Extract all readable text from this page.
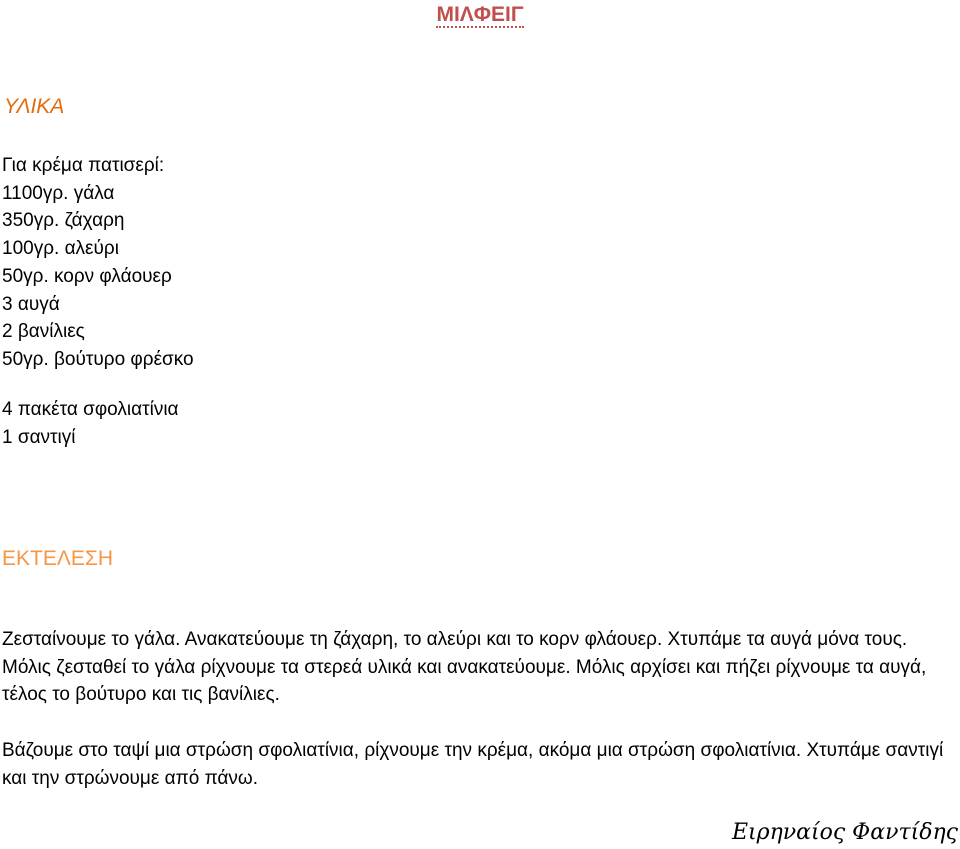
ΜΙΛΦΕΙΓ
ΥΛΙΚΑ
Για κρέμα πατισερί:
1100γρ. γάλα
350γρ. ζάχαρη
100γρ. αλεύρι
50γρ. κορν φλάουερ
3 αυγά
2 βανίλιες
50γρ. βούτυρο φρέσκο
4 πακέτα σφολιατίνια
1 σαντιγί
ΕΚΤΕΛΕΣΗ

Ζεσταίνουμε το γάλα. Ανακατεύουμε τη ζάχαρη, το αλεύρι και το κορν φλάουερ. Χτυπάμε τα αυγά μόνα τους. Μόλις ζεσταθεί το γάλα ρίχνουμε τα στερεά υλικά και ανακατεύουμε. Μόλις αρχίσει και πήζει ρίχνουμε τα αυγά, τέλος το βούτυρο και τις βανίλιες.

Βάζουμε στο ταψί μια στρώση σφολιατίνια, ρίχνουμε την κρέμα, ακόμα μια στρώση σφολιατίνια. Χτυπάμε σαντιγί και την στρώνουμε από πάνω.

Ειρηναίος Φαντίδης
